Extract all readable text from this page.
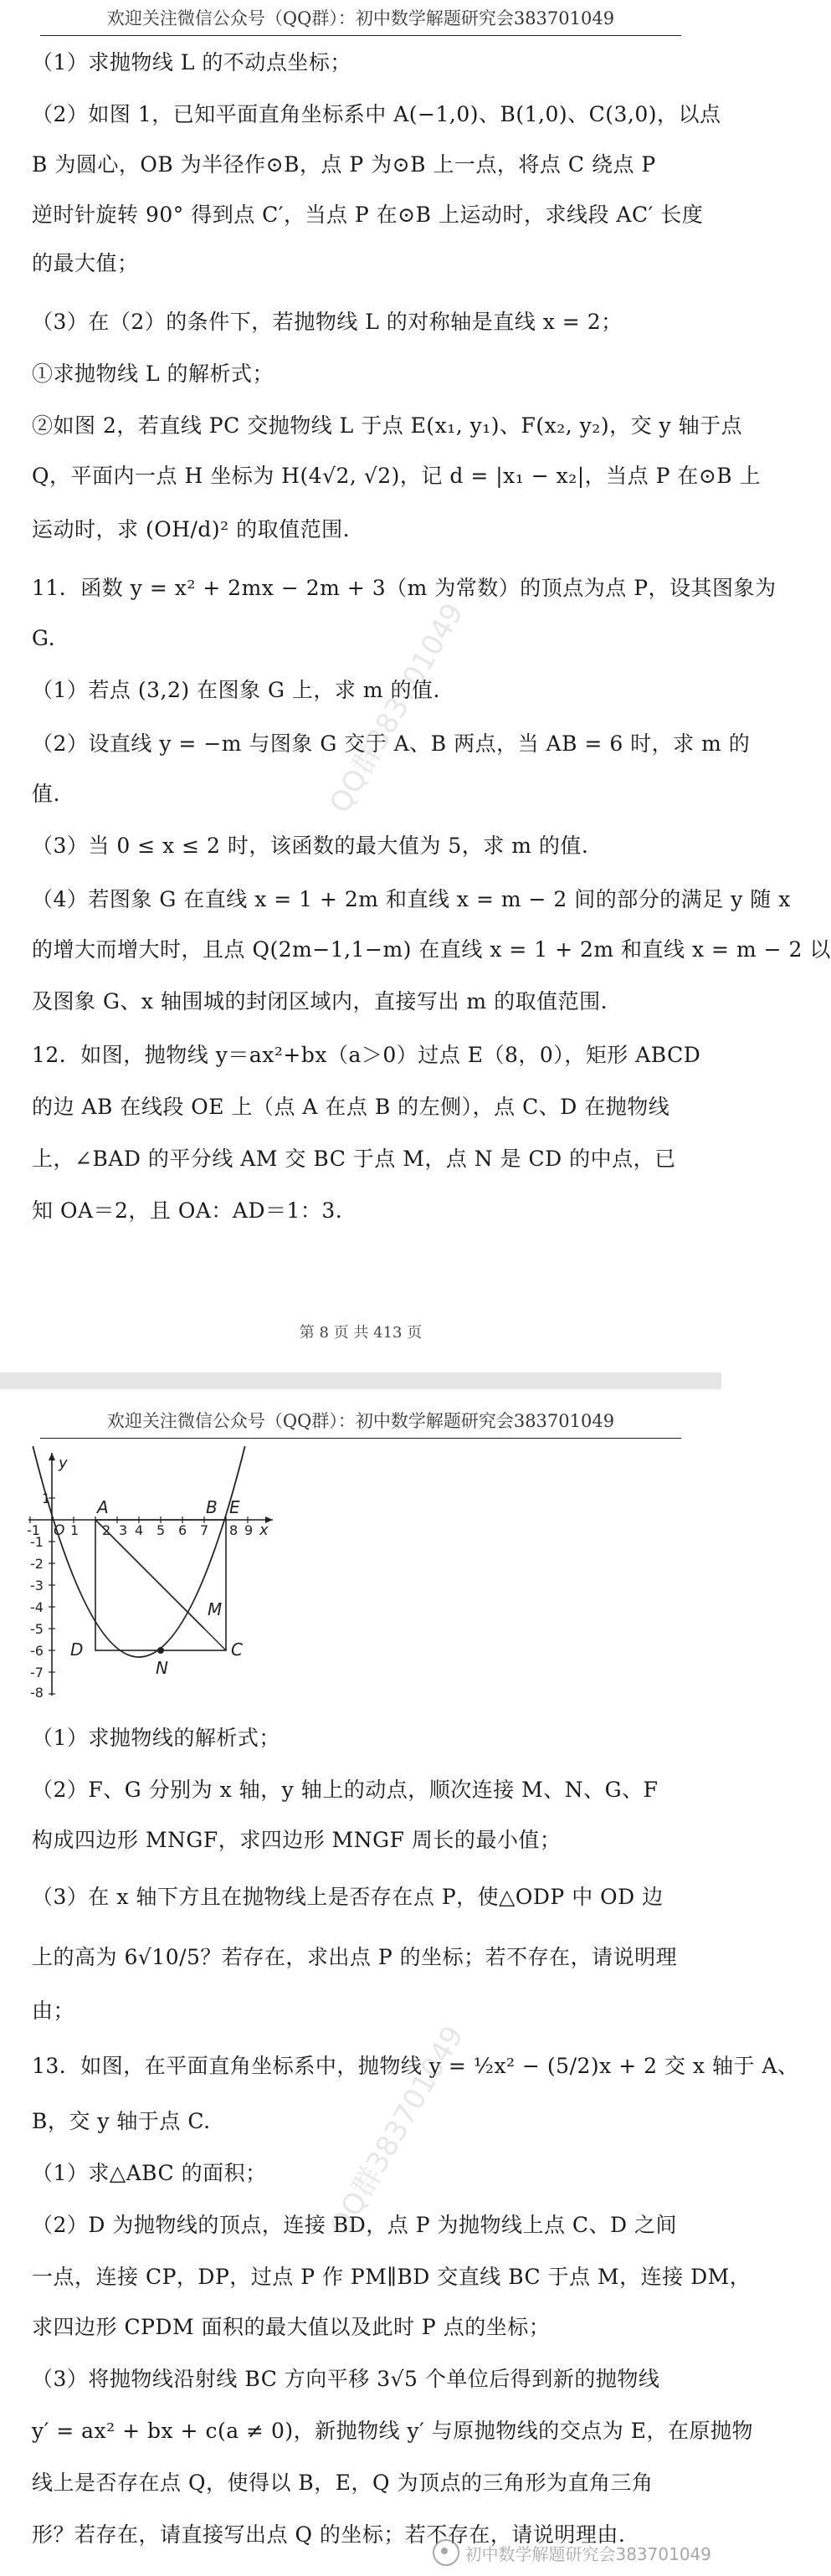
欢迎关注微信公众号（QQ群）：初中数学解题研究会383701049
（1）求抛物线 L 的不动点坐标；
（2）如图 1，已知平面直角坐标系中 A(−1,0)、B(1,0)、C(3,0)，以点
B 为圆心，OB 为半径作⊙B，点 P 为⊙B 上一点，将点 C 绕点 P
逆时针旋转 90° 得到点 C′，当点 P 在⊙B 上运动时，求线段 AC′ 长度
的最大值；
（3）在（2）的条件下，若抛物线 L 的对称轴是直线 x = 2；
①求抛物线 L 的解析式；
②如图 2，若直线 PC 交抛物线 L 于点 E(x₁, y₁)、F(x₂, y₂)，交 y 轴于点
Q，平面内一点 H 坐标为 H(4√2, √2)，记 d = |x₁ − x₂|，当点 P 在⊙B 上
运动时，求 (OH/d)² 的取值范围.
11．函数 y = x² + 2mx − 2m + 3（m 为常数）的顶点为点 P，设其图象为
G.
（1）若点 (3,2) 在图象 G 上，求 m 的值.
（2）设直线 y = −m 与图象 G 交于 A、B 两点，当 AB = 6 时，求 m 的
值.
（3）当 0 ≤ x ≤ 2 时，该函数的最大值为 5，求 m 的值.
（4）若图象 G 在直线 x = 1 + 2m 和直线 x = m − 2 间的部分的满足 y 随 x
的增大而增大时，且点 Q(2m−1,1−m) 在直线 x = 1 + 2m 和直线 x = m − 2 以
及图象 G、x 轴围城的封闭区域内，直接写出 m 的取值范围.
12．如图，抛物线 y＝ax²+bx（a＞0）过点 E（8，0），矩形 ABCD
的边 AB 在线段 OE 上（点 A 在点 B 的左侧），点 C、D 在抛物线
上，∠BAD 的平分线 AM 交 BC 于点 M，点 N 是 CD 的中点，已
知 OA＝2，且 OA：AD＝1：3.
QQ群383701049
第 8 页 共 413 页
欢迎关注微信公众号（QQ群）：初中数学解题研究会383701049
A	B E
M
N
C
D
O
-1 1 2 3 4 5 6 7 8 9 x
1
-1
-2
-3
-4
-5
-6
-7
-8
y
（1）求抛物线的解析式；
（2）F、G 分别为 x 轴，y 轴上的动点，顺次连接 M、N、G、F
构成四边形 MNGF，求四边形 MNGF 周长的最小值；
（3）在 x 轴下方且在抛物线上是否存在点 P，使△ODP 中 OD 边
上的高为 6√10/5？若存在，求出点 P 的坐标；若不存在，请说明理
由；
13．如图，在平面直角坐标系中，抛物线 y = ½x² − (5/2)x + 2 交 x 轴于 A、
B，交 y 轴于点 C.
（1）求△ABC 的面积；
（2）D 为抛物线的顶点，连接 BD，点 P 为抛物线上点 C、D 之间
一点，连接 CP，DP，过点 P 作 PM∥BD 交直线 BC 于点 M，连接 DM，
求四边形 CPDM 面积的最大值以及此时 P 点的坐标；
（3）将抛物线沿射线 BC 方向平移 3√5 个单位后得到新的抛物线
y′ = ax² + bx + c(a ≠ 0)，新抛物线 y′ 与原抛物线的交点为 E，在原抛物
线上是否存在点 Q，使得以 B，E，Q 为顶点的三角形为直角三角
形？若存在，请直接写出点 Q 的坐标；若不存在，请说明理由.
QQ群383701049
初中数学解题研究会383701049
